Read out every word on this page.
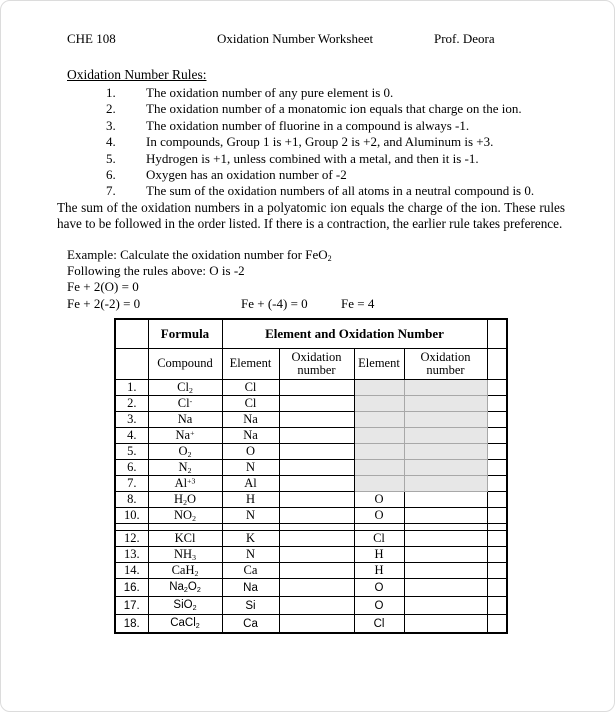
CHE 108	Oxidation Number Worksheet	Prof. Deora
Oxidation Number Rules:
1.	The oxidation number of any pure element is 0.
2.	The oxidation number of a monatomic ion equals that charge on the ion.
3.	The oxidation number of fluorine in a compound is always -1.
4.	In compounds, Group 1 is +1, Group 2 is +2, and Aluminum is +3.
5.	Hydrogen is +1, unless combined with a metal, and then it is -1.
6.	Oxygen has an oxidation number of -2
7.	The sum of the oxidation numbers of all atoms in a neutral compound is 0.
The sum of the oxidation numbers in a polyatomic ion equals the charge of the ion. These rules have to be followed in the order listed. If there is a contraction, the earlier rule takes preference.
Example: Calculate the oxidation number for FeO$_2$
Following the rules above: O is -2
Fe + 2(O) = 0
Fe + 2(-2) = 0	Fe + (-4) = 0	Fe = 4
	Formula	Element and Oxidation Number				
	Compound	Element	Oxidation number	Element	Oxidation number	
1.	$Cl_2$	Cl				
2.	Cl-	Cl				
3.	Na	Na				
4.	Na+	Na				
5.	$O_2$	O				
6.	$N_2$	N				
7.	$Al^{+3}$	Al				
8.	$H_2O$	H		O		
10.	$NO_2$	N		O		

12.	KCl	K		Cl		
13.	$NH_3$	N		H		
14.	CaH$_2$	Ca		H		
16.	$Na_2O_2$	Na		O		
17.	SiO$_2$	Si		O		
18.	CaCl$_2$	Ca		Cl		
